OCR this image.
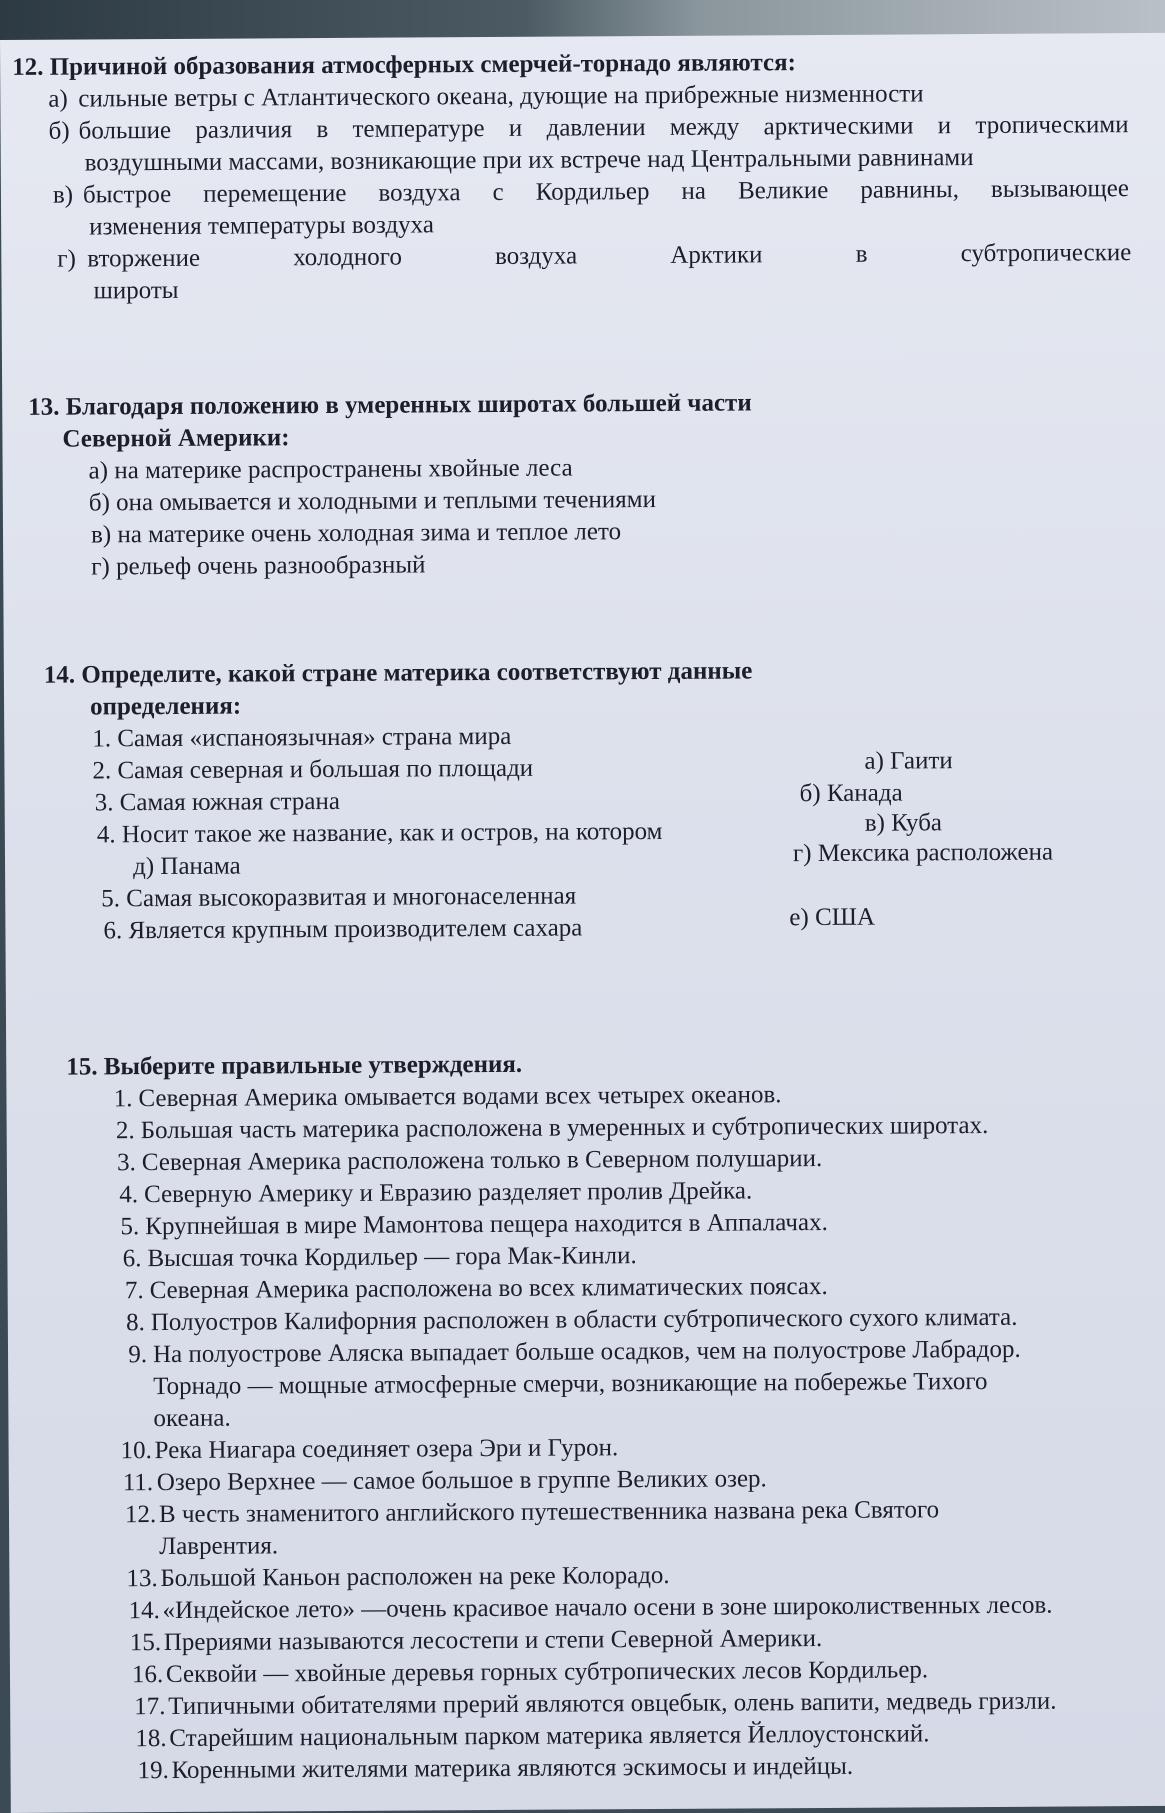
12. Причиной образования атмосферных смерчей-торнадо являются:
а) сильные ветры с Атлантического океана, дующие на прибрежные низменности
б) большие различия в температуре и давлении между арктическими и тропическими
воздушными массами, возникающие при их встрече над Центральными равнинами
в) быстрое перемещение воздуха с Кордильер на Великие равнины, вызывающее
изменения температуры воздуха
г) вторжение холодного воздуха Арктики в субтропические
широты
13. Благодаря положению в умеренных широтах большей части
Северной Америки:
а) на материке распространены хвойные леса
б) она омывается и холодными и теплыми течениями
в) на материке очень холодная зима и теплое лето
г) рельеф очень разнообразный
14. Определите, какой стране материка соответствуют данные
определения:
1. Самая «испаноязычная» страна мира
2. Самая северная и большая по площади
3. Самая южная страна
4. Носит такое же название, как и остров, на котором
д) Панама
5. Самая высокоразвитая и многонаселенная
6. Является крупным производителем сахара
а) Гаити
б) Канада
в) Куба
г) Мексика расположена
е) США
15. Выберите правильные утверждения.
1. Северная Америка омывается водами всех четырех океанов.
2. Большая часть материка расположена в умеренных и субтропических широтах.
3. Северная Америка расположена только в Северном полушарии.
4. Северную Америку и Евразию разделяет пролив Дрейка.
5. Крупнейшая в мире Мамонтова пещера находится в Аппалачах.
6. Высшая точка Кордильер — гора Мак-Кинли.
7. Северная Америка расположена во всех климатических поясах.
8. Полуостров Калифорния расположен в области субтропического сухого климата.
9. На полуострове Аляска выпадает больше осадков, чем на полуострове Лабрадор.
Торнадо — мощные атмосферные смерчи, возникающие на побережье Тихого
океана.
10. Река Ниагара соединяет озера Эри и Гурон.
11. Озеро Верхнее — самое большое в группе Великих озер.
12. В честь знаменитого английского путешественника названа река Святого
Лаврентия.
13. Большой Каньон расположен на реке Колорадо.
14. «Индейское лето» —очень красивое начало осени в зоне широколиственных лесов.
15. Прериями называются лесостепи и степи Северной Америки.
16. Секвойи — хвойные деревья горных субтропических лесов Кордильер.
17. Типичными обитателями прерий являются овцебык, олень вапити, медведь гризли.
18. Старейшим национальным парком материка является Йеллоустонский.
19. Коренными жителями материка являются эскимосы и индейцы.
